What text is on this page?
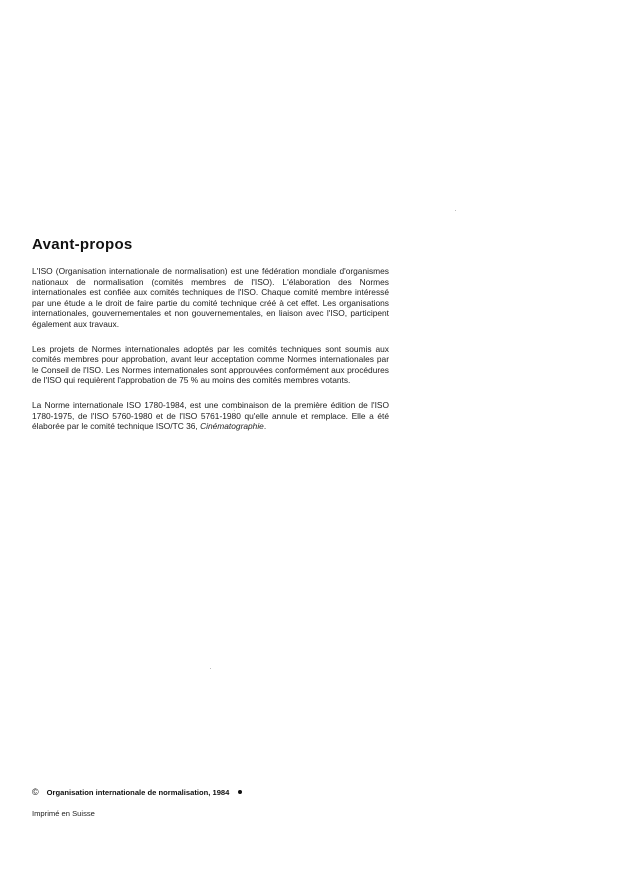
Avant-propos

L'ISO (Organisation internationale de normalisation) est une fédération mondiale d'organismes nationaux de normalisation (comités membres de l'ISO). L'élaboration des Normes internationales est confiée aux comités techniques de l'ISO. Chaque comité membre intéressé par une étude a le droit de faire partie du comité technique créé à cet effet. Les organisations internationales, gouvernementales et non gouvernementales, en liaison avec l'ISO, participent également aux travaux.

Les projets de Normes internationales adoptés par les comités techniques sont soumis aux comités membres pour approbation, avant leur acceptation comme Normes internationales par le Conseil de l'ISO. Les Normes internationales sont approuvées conformément aux procédures de l'ISO qui requièrent l'approbation de 75 % au moins des comités membres votants.

La Norme internationale ISO 1780-1984, est une combinaison de la première édition de l'ISO 1780-1975, de l'ISO 5760-1980 et de l'ISO 5761-1980 qu'elle annule et remplace. Elle a été élaborée par le comité technique ISO/TC 36, Cinématographie.

© Organisation internationale de normalisation, 1984
Imprimé en Suisse
